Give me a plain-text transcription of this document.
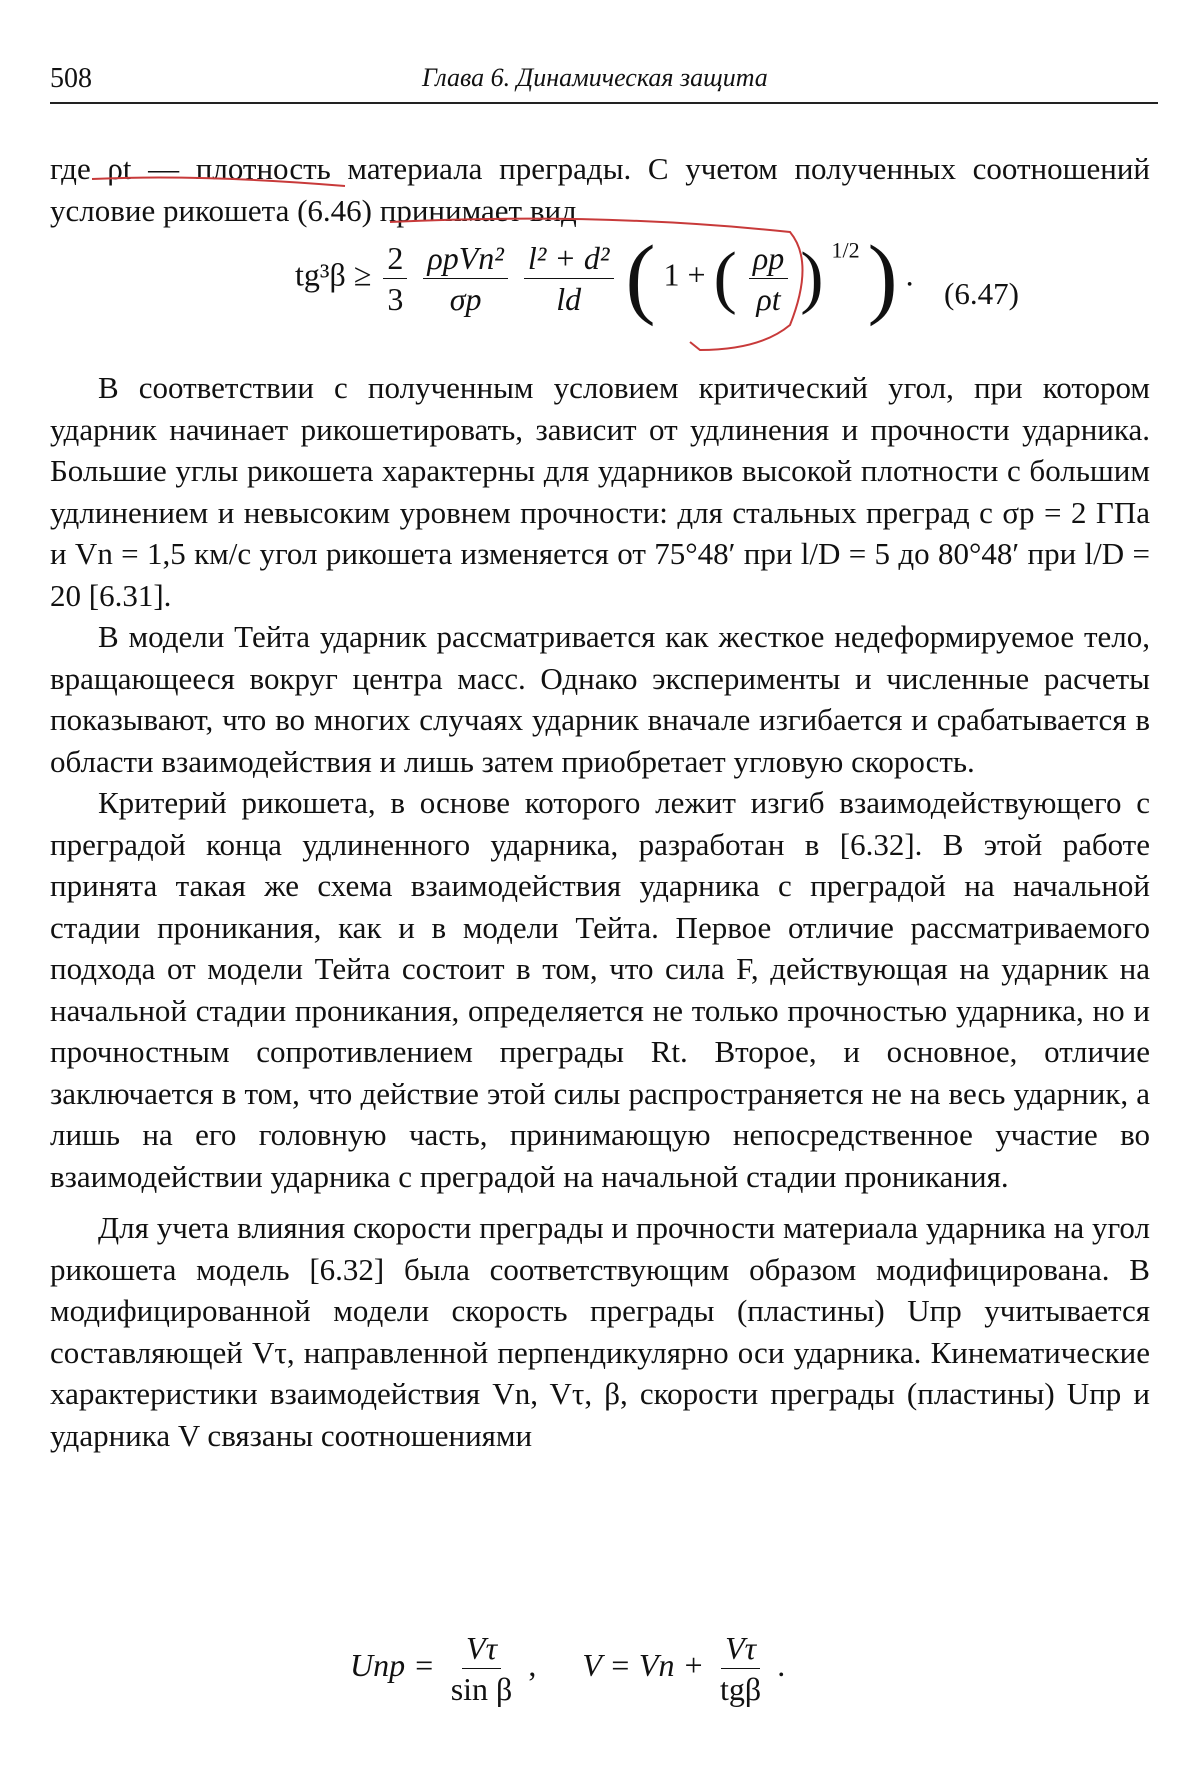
508	Глава 6. Динамическая защита

где ρt — плотность материала преграды. С учетом полученных соотношений условие рикошета (6.46) принимает вид

$tg^3\beta \ge \frac{2}{3}$
$\frac{\text{ρpVn²}}{\sigma p}$
$\frac{\text{l² + d²}}{ld}$ ( 1 + ( $\frac{\rho p}{\rho t}$ ) $^{1/2}$ ) .
(6.47)

В соответствии с полученным условием критический угол, при котором ударник начинает рикошетировать, зависит от удлинения и прочности ударника. Большие углы рикошета характерны для ударников высокой плотности с большим удлинением и невысоким уровнем прочности: для стальных преград с σp = 2 ГПа и Vn = 1,5 км/с угол рикошета изменяется от 75°48′ при l/D = 5 до 80°48′ при l/D = 20 [6.31].

В модели Тейта ударник рассматривается как жесткое недеформируемое тело, вращающееся вокруг центра масс. Однако эксперименты и численные расчеты показывают, что во многих случаях ударник вначале изгибается и срабатывается в области взаимодействия и лишь затем приобретает угловую скорость.

Критерий рикошета, в основе которого лежит изгиб взаимодействующего с преградой конца удлиненного ударника, разработан в [6.32]. В этой работе принята такая же схема взаимодействия ударника с преградой на начальной стадии проникания, как и в модели Тейта. Первое отличие рассматриваемого подхода от модели Тейта состоит в том, что сила F, действующая на ударник на начальной стадии проникания, определяется не только прочностью ударника, но и прочностным сопротивлением преграды Rt. Второе, и основное, отличие заключается в том, что действие этой силы распространяется не на весь ударник, а лишь на его головную часть, принимающую непосредственное участие во взаимодействии ударника с преградой на начальной стадии проникания.

Для учета влияния скорости преграды и прочности материала ударника на угол рикошета модель [6.32] была соответствующим образом модифицирована. В модифицированной модели скорость преграды (пластины) Uпр учитывается составляющей Vτ, направленной перпендикулярно оси ударника. Кинематические характеристики взаимодействия Vn, Vτ, β, скорости преграды (пластины) Uпр и ударника V связаны соотношениями

Uпр = $\frac{V\tau}{\text{sin β}}$ , $V = Vn + \frac{V\tau}{\text{tgβ}}$ .
